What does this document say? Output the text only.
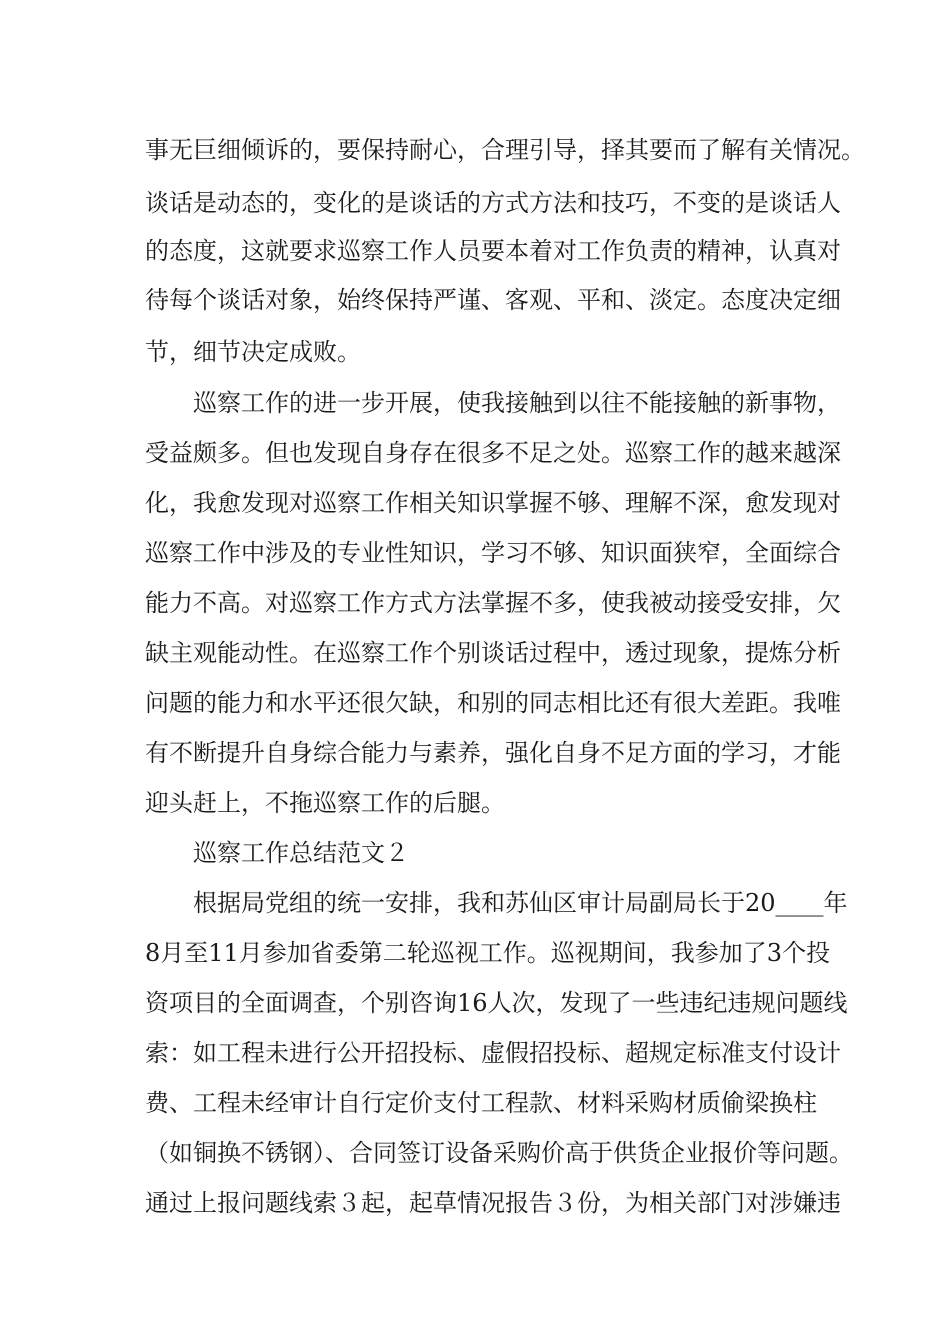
事无巨细倾诉的，要保持耐心，合理引导，择其要而了解有关情况。
谈话是动态的，变化的是谈话的方式方法和技巧，不变的是谈话人
的态度，这就要求巡察工作人员要本着对工作负责的精神，认真对
待每个谈话对象，始终保持严谨、客观、平和、淡定。态度决定细
节，细节决定成败。
巡察工作的进一步开展，使我接触到以往不能接触的新事物，
受益颇多。但也发现自身存在很多不足之处。巡察工作的越来越深
化，我愈发现对巡察工作相关知识掌握不够、理解不深，愈发现对
巡察工作中涉及的专业性知识，学习不够、知识面狭窄，全面综合
能力不高。对巡察工作方式方法掌握不多，使我被动接受安排，欠
缺主观能动性。在巡察工作个别谈话过程中，透过现象，提炼分析
问题的能力和水平还很欠缺，和别的同志相比还有很大差距。我唯
有不断提升自身综合能力与素养，强化自身不足方面的学习，才能
迎头赶上，不拖巡察工作的后腿。
巡察工作总结范文２
根据局党组的统一安排，我和苏仙区审计局副局长于20____年
8月至11月参加省委第二轮巡视工作。巡视期间，我参加了3个投
资项目的全面调查，个别咨询16人次，发现了一些违纪违规问题线
索：如工程未进行公开招投标、虚假招投标、超规定标准支付设计
费、工程未经审计自行定价支付工程款、材料采购材质偷梁换柱
（如铜换不锈钢）、合同签订设备采购价高于供货企业报价等问题。
通过上报问题线索３起，起草情况报告３份，为相关部门对涉嫌违
